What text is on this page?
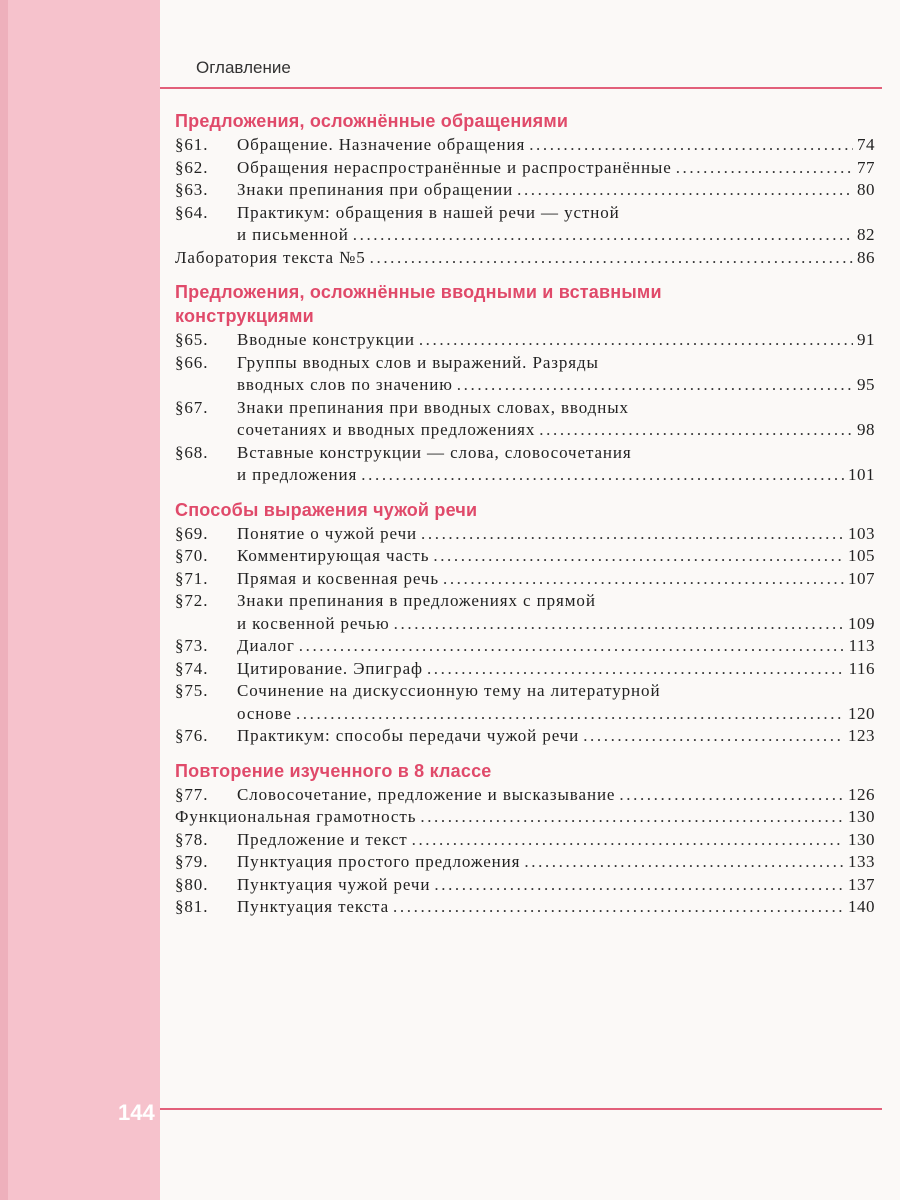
Оглавление
Предложения, осложнённые обращениями
§61.	Обращение. Назначение обращения .....	74
§62.	Обращения нераспространённые и распространённые .....	77
§63.	Знаки препинания при обращении .....	80
§64.	Практикум: обращения в нашей речи — устной
и письменной .....	82
Лаборатория текста №5 .....	86
Предложения, осложнённые вводными и вставными
конструкциями
§65.	Вводные конструкции .....	91
§66.	Группы вводных слов и выражений. Разряды
вводных слов по значению .....	95
§67.	Знаки препинания при вводных словах, вводных
сочетаниях и вводных предложениях .....	98
§68.	Вставные конструкции — слова, словосочетания
и предложения .....	101
Способы выражения чужой речи
§69.	Понятие о чужой речи .....	103
§70.	Комментирующая часть .....	105
§71.	Прямая и косвенная речь .....	107
§72.	Знаки препинания в предложениях с прямой
и косвенной речью .....	109
§73.	Диалог .....	113
§74.	Цитирование. Эпиграф .....	116
§75.	Сочинение на дискуссионную тему на литературной
основе .....	120
§76.	Практикум: способы передачи чужой речи .....	123
Повторение изученного в 8 классе
§77.	Словосочетание, предложение и высказывание .....	126
Функциональная грамотность .....	130
§78.	Предложение и текст .....	130
§79.	Пунктуация простого предложения .....	133
§80.	Пунктуация чужой речи .....	137
§81.	Пунктуация текста .....	140
144
